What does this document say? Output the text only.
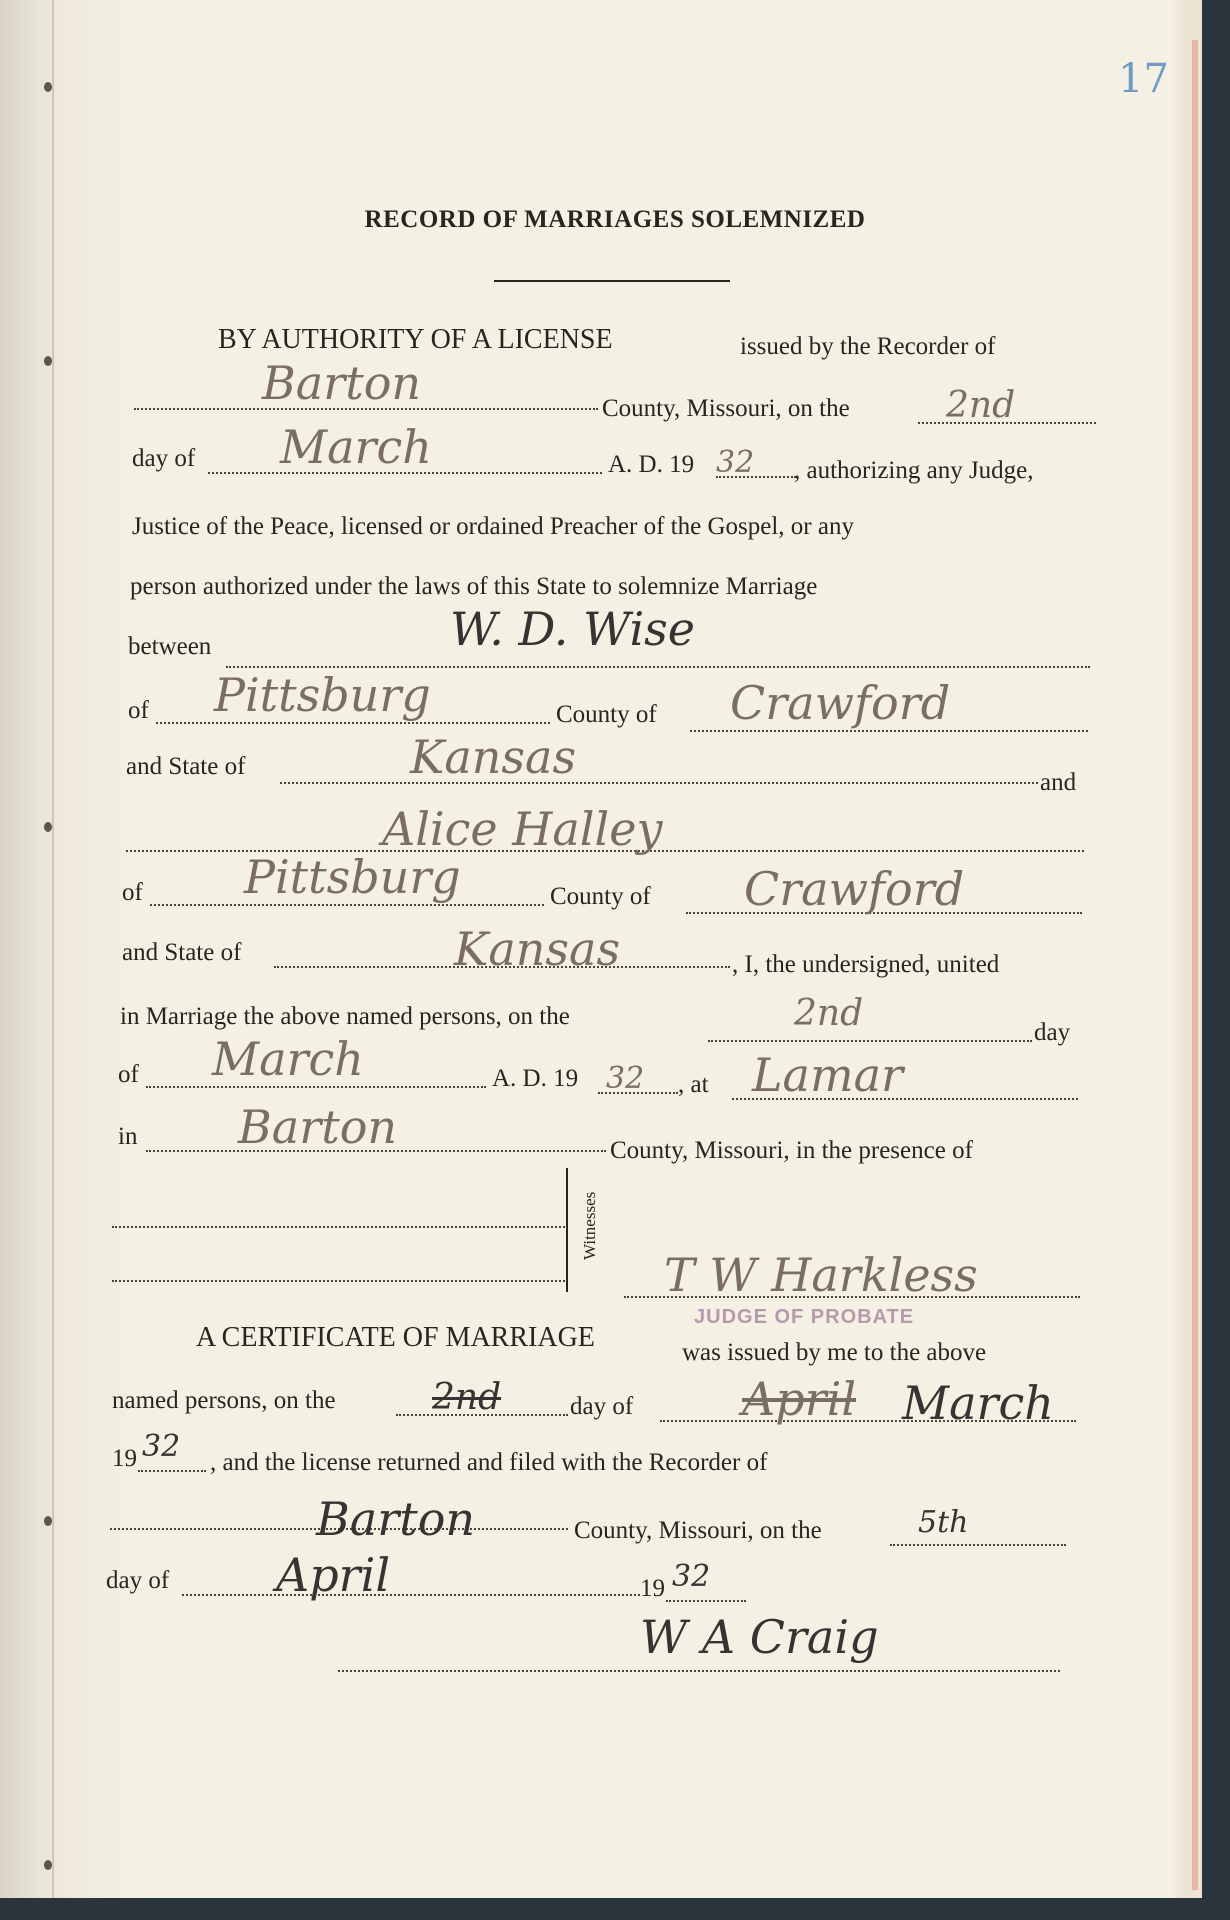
17
RECORD OF MARRIAGES SOLEMNIZED
BY AUTHORITY OF A LICENSE	issued by the Recorder of
Barton	County, Missouri, on the	2nd
day of March	A. D. 19 32 , authorizing any Judge,
Justice of the Peace, licensed or ordained Preacher of the Gospel, or any
person authorized under the laws of this State to solemnize Marriage
between	W. D. Wise
of Pittsburg	County of Crawford
and State of	Kansas	and
Alice Halley
of Pittsburg	County of Crawford
and State of	Kansas	, I, the undersigned, united
in Marriage the above named persons, on the	2nd	day
of March	A. D. 19 32 , at Lamar
in Barton	County, Missouri, in the presence of
Witnesses
T W Harkless
JUDGE OF PROBATE
A CERTIFICATE OF MARRIAGE	was issued by me to the above
named persons, on the	2nd	day of April March
19 32 , and the license returned and filed with the Recorder of
Barton	County, Missouri, on the	5th
day of April	19 32
W A Craig
